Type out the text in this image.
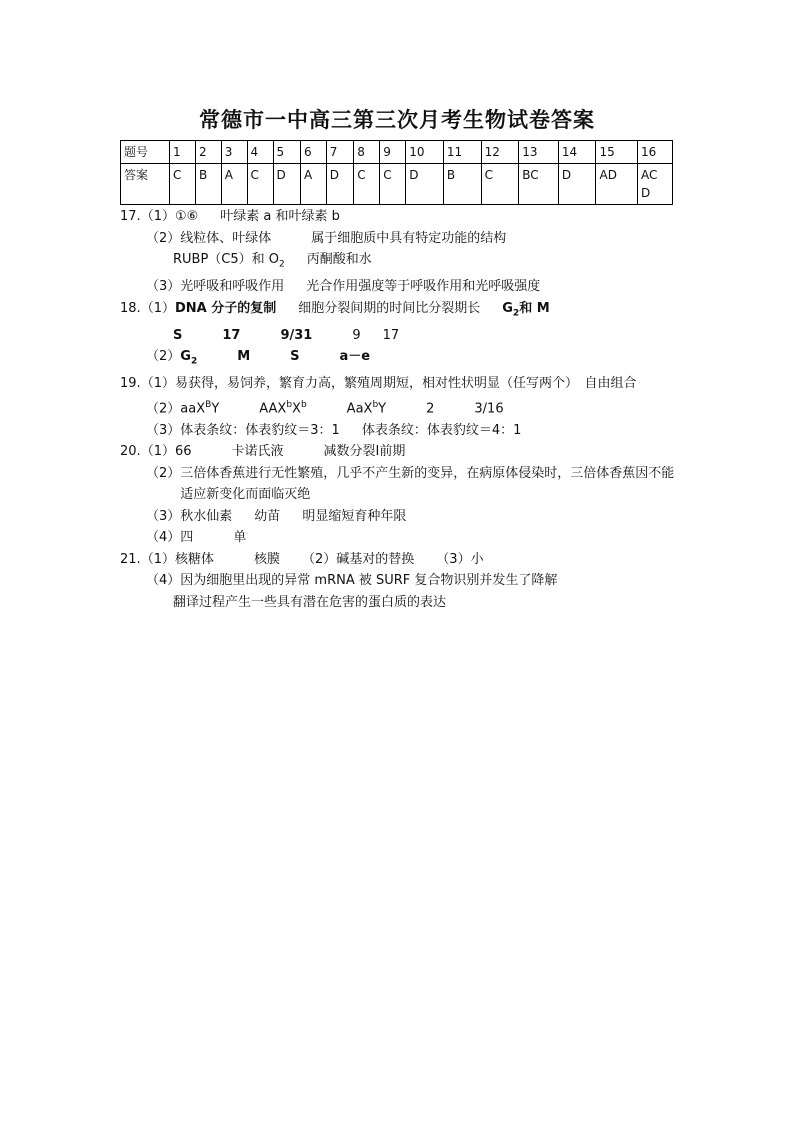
常德市一中高三第三次月考生物试卷答案
题号	1	2	3	4	5	6	7	8	9	10	11	12	13	14	15	16
答案	C	B	A	C	D	A	D	C	C	D	B	C	BC	D	AD	AC D
17.（1）①⑥ 叶绿素 a 和叶绿素 b
（2）线粒体、叶绿体	属于细胞质中具有特定功能的结构
RUBP（C5）和 $O_2$ 丙酮酸和水
（3）光呼吸和呼吸作用 光合作用强度等于呼吸作用和光呼吸强度
18.（1）DNA 分子的复制 细胞分裂间期的时间比分裂期长 $G_2$和 M
S	17	9/31	9 17
$(2)G_2$	M	S	a－e
19.（1）易获得，易饲养，繁育力高，繁殖周期短，相对性状明显（任写两个）　自由组合
（2）aaX$^B$Y	$AAX^bX^b$	AaX$^b$Y	2	3/16
（3）体表条纹：体表豹纹＝3：1 体表条纹：体表豹纹＝4：1
20.（1）66	卡诺氏液	减数分裂Ⅰ前期
（2） 三倍体香蕉进行无性繁殖，几乎不产生新的变异，在病原体侵染时，三倍体香蕉因不能适应新变化而面临灭绝
（3）秋水仙素 幼苗 明显缩短育种年限
（4）四	单
21.（1）核糖体	核膜 （2）碱基对的替换 （3）小
（4）因为细胞里出现的异常 mRNA 被 SURF 复合物识别并发生了降解
翻译过程产生一些具有潜在危害的蛋白质的表达
